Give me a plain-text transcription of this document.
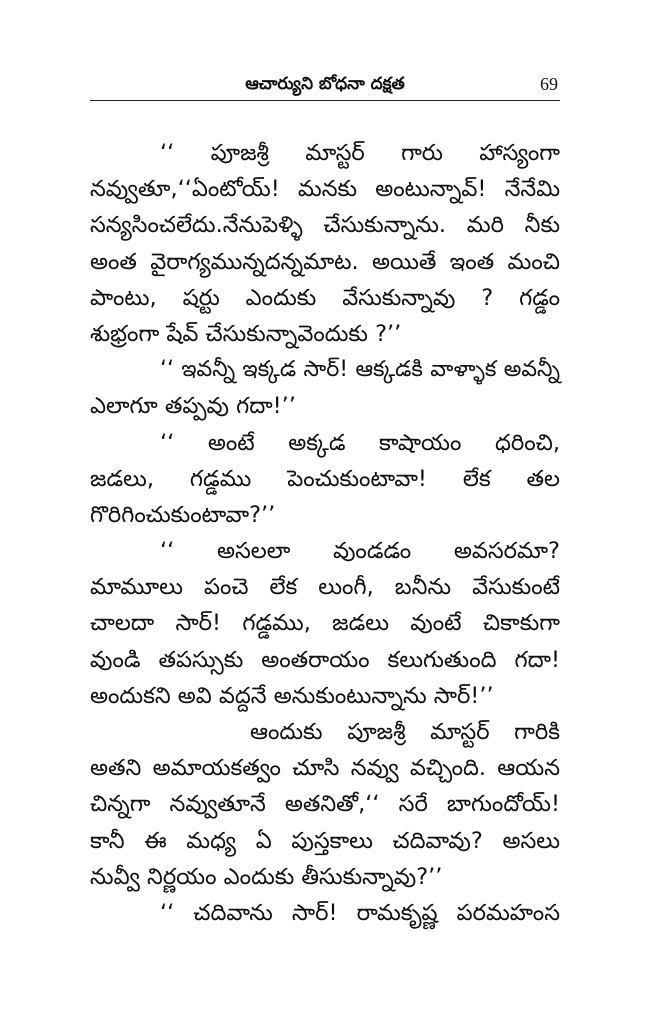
ఆచార్యుని బోధనా దక్షత	69
‘‘ పూజశ్రీ మాస్టర్ గారు హాస్యంగా
నవ్వుతూ,‘‘ఏంటోయ్! మనకు అంటున్నావ్! నేనేమి
సన్యసించలేదు.నేనుపెళ్ళి చేసుకున్నాను. మరి నీకు
అంత వైరాగ్యమున్నదన్నమాట. అయితే ఇంత మంచి
పాంటు, షర్టు ఎందుకు వేసుకున్నావు ? గడ్డం
శుభ్రంగా షేవ్ చేసుకున్నావెందుకు ?’’
‘‘ ఇవన్నీ ఇక్కడ సార్! ఆక్కడకి వాళ్ళాక అవన్నీ
ఎలాగూ తప్పవు గదా!’’
‘‘ అంటే అక్కడ కాషాయం ధరించి,
జడలు, గడ్డము పెంచుకుంటావా! లేక తల
గొరిగించుకుంటావా?’’
‘‘ అసలలా వుండడం అవసరమా?
మామూలు పంచె లేక లుంగీ, బనీను వేసుకుంటే
చాలదా సార్! గడ్డము, జడలు వుంటే చికాకుగా
వుండి తపస్సుకు అంతరాయం కలుగుతుంది గదా!
అందుకని అవి వద్దనే అనుకుంటున్నాను సార్!’’
ఆందుకు పూజశ్రీ మాస్టర్ గారికి
అతని అమాయకత్వం చూసి నవ్వు వచ్చింది. ఆయన
చిన్నగా నవ్వుతూనే అతనితో,‘‘ సరే బాగుందోయ్!
కానీ ఈ మధ్య ఏ పుస్తకాలు చదివావు? అసలు
నువ్వీ నిర్ణయం ఎందుకు తీసుకున్నావు?’’
‘‘ చదివాను సార్! రామకృష్ణ పరమహంస
